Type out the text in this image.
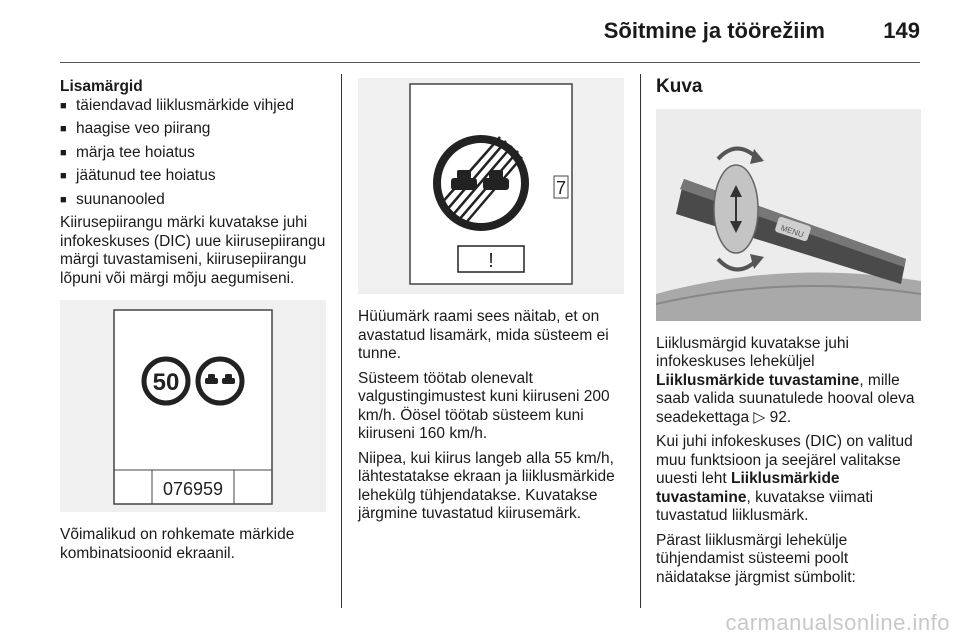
Sõitmine ja töörežiim	149
Lisamärgid
■ täiendavad liiklusmärkide vihjed
■ haagise veo piirang
■ märja tee hoiatus
■ jäätunud tee hoiatus
■ suunanooled

Kiirusepiirangu märki kuvatakse juhi infokeskuses (DIC) uue kiirusepiirangu märgi tuvastamiseni, kiirusepiirangu lõpuni või märgi mõju aegumiseni.

50
076959

Võimalikud on rohkemate märkide kombinatsioonid ekraanil.

7
!

Hüüumärk raami sees näitab, et on avastatud lisamärk, mida süsteem ei tunne.

Süsteem töötab olenevalt valgustingimustest kuni kiiruseni 200 km/h. Öösel töötab süsteem kuni kiiruseni 160 km/h.

Niipea, kui kiirus langeb alla 55 km/h, lähtestatakse ekraan ja liiklusmärkide lehekülg tühjendatakse. Kuvatakse järgmine tuvastatud kiirusemärk.

Kuva
MENU

Liiklusmärgid kuvatakse juhi infokeskuses leheküljel Liiklusmärkide tuvastamine, mille saab valida suunatulede hooval oleva seadekettaga ▷ 92.

Kui juhi infokeskuses (DIC) on valitud muu funktsioon ja seejärel valitakse uuesti leht Liiklusmärkide tuvastamine, kuvatakse viimati tuvastatud liiklusmärk.

Pärast liiklusmärgi lehekülje tühjendamist süsteemi poolt näidatakse järgmist sümbolit:

carmanualsonline.info
